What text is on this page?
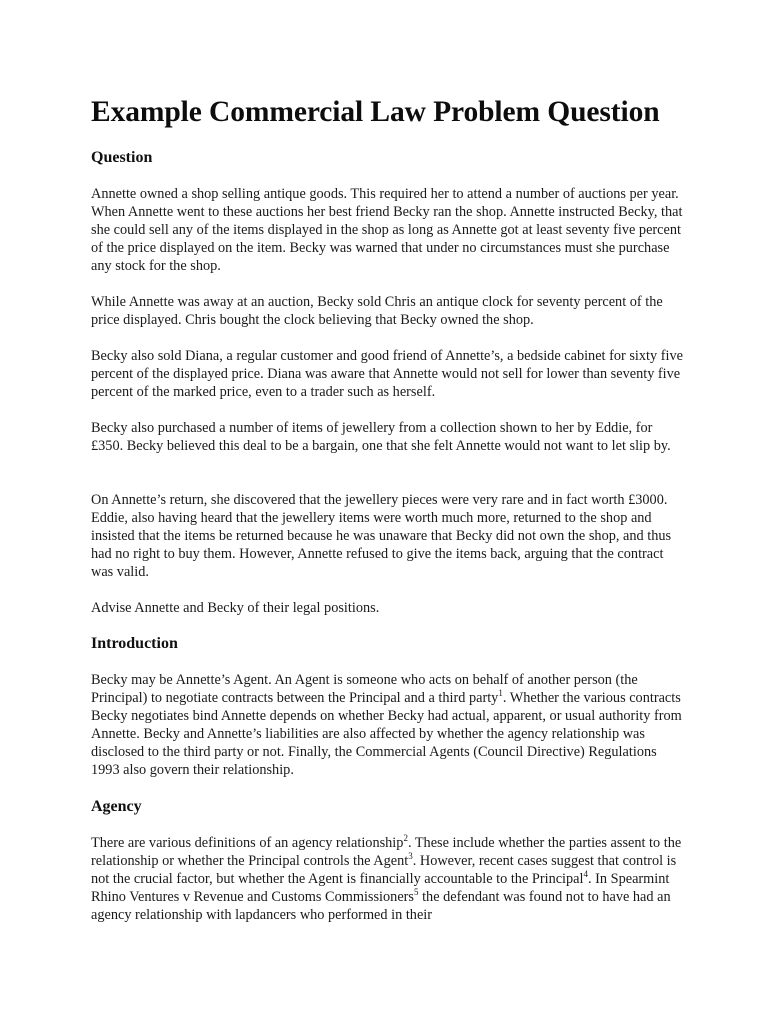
Example Commercial Law Problem Question
Question

Annette owned a shop selling antique goods. This required her to attend a number of auctions per year. When Annette went to these auctions her best friend Becky ran the shop. Annette instructed Becky, that she could sell any of the items displayed in the shop as long as Annette got at least seventy five percent of the price displayed on the item. Becky was warned that under no circumstances must she purchase any stock for the shop.

While Annette was away at an auction, Becky sold Chris an antique clock for seventy percent of the price displayed. Chris bought the clock believing that Becky owned the shop.

Becky also sold Diana, a regular customer and good friend of Annette’s, a bedside cabinet for sixty five percent of the displayed price. Diana was aware that Annette would not sell for lower than seventy five percent of the marked price, even to a trader such as herself.

Becky also purchased a number of items of jewellery from a collection shown to her by Eddie, for £350. Becky believed this deal to be a bargain, one that she felt Annette would not want to let slip by.

On Annette’s return, she discovered that the jewellery pieces were very rare and in fact worth £3000. Eddie, also having heard that the jewellery items were worth much more, returned to the shop and insisted that the items be returned because he was unaware that Becky did not own the shop, and thus had no right to buy them. However, Annette refused to give the items back, arguing that the contract was valid.

Advise Annette and Becky of their legal positions.

Introduction

Becky may be Annette’s Agent. An Agent is someone who acts on behalf of another person (the Principal) to negotiate contracts between the Principal and a third party$^1$. Whether the various contracts Becky negotiates bind Annette depends on whether Becky had actual, apparent, or usual authority from Annette. Becky and Annette’s liabilities are also affected by whether the agency relationship was disclosed to the third party or not. Finally, the Commercial Agents (Council Directive) Regulations 1993 also govern their relationship.

Agency

There are various definitions of an agency relationship$^2$. These include whether the parties assent to the relationship or whether the Principal controls the Agent$^3$. However, recent cases suggest that control is not the crucial factor, but whether the Agent is financially accountable to the Principal$^4$. In Spearmint Rhino Ventures v Revenue and Customs Commissioners$^5$ the defendant was found not to have had an agency relationship with lapdancers who performed in their
